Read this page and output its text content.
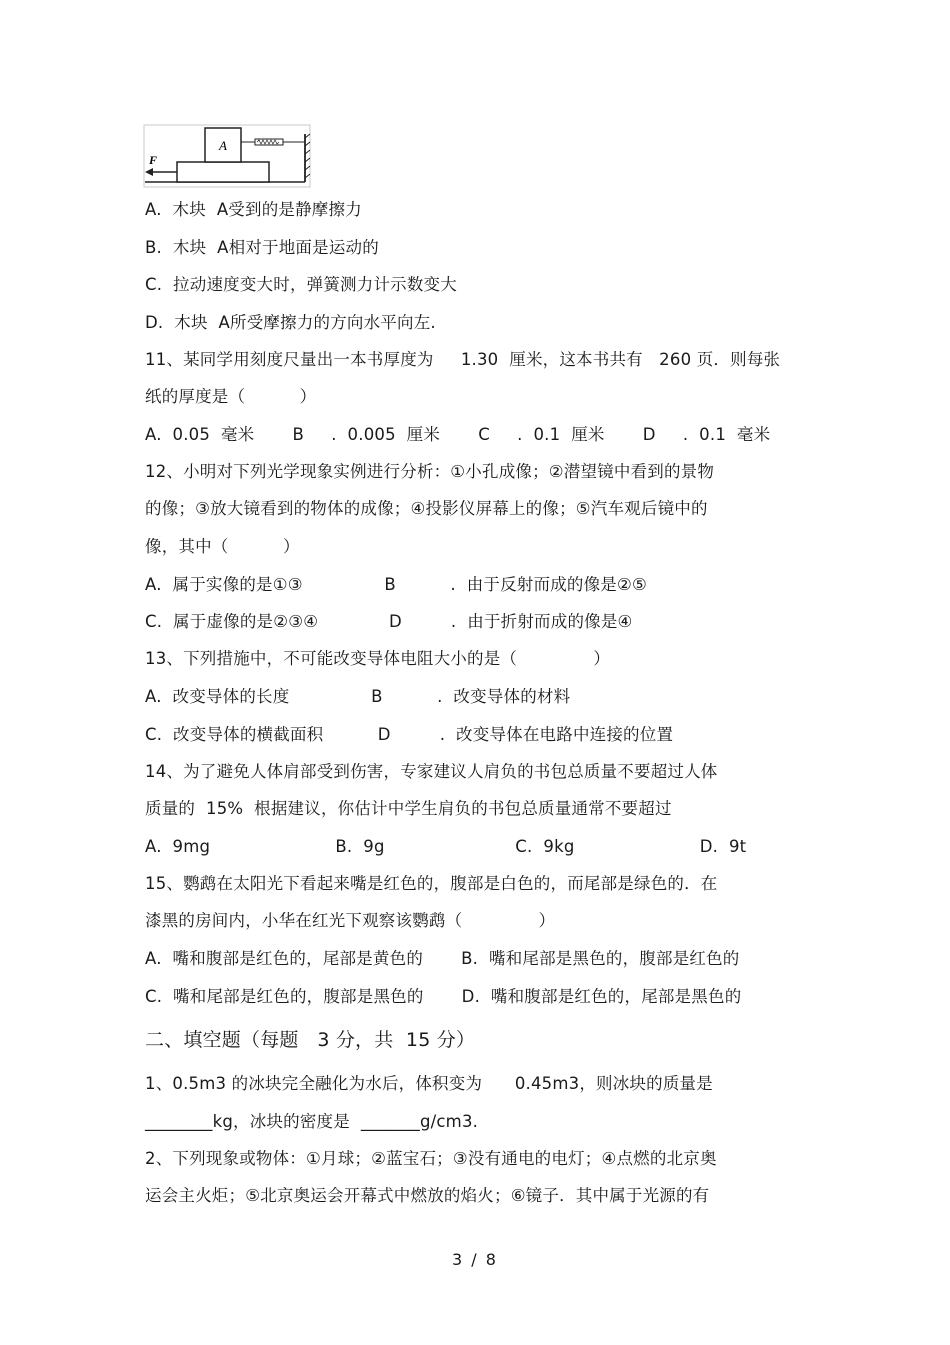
A
F
A.  木块  A受到的是静摩擦力
B.  木块  A相对于地面是运动的
C.  拉动速度变大时，弹簧测力计示数变大
D.  木块  A所受摩擦力的方向水平向左.
11、某同学用刻度尺量出一本书厚度为     1.30  厘米，这本书共有   260 页．则每张
纸的厚度是（          ）
A.  0.05  毫米       B     .  0.005  厘米       C     .  0.1  厘米       D     .  0.1  毫米
12、小明对下列光学现象实例进行分析：①小孔成像；②潜望镜中看到的景物
的像；③放大镜看到的物体的成像；④投影仪屏幕上的像；⑤汽车观后镜中的
像，其中（          ）
A.  属于实像的是①③               B          .  由于反射而成的像是②⑤
C.  属于虚像的是②③④             D         .  由于折射而成的像是④
13、下列措施中，不可能改变导体电阻大小的是（              ）
A.  改变导体的长度               B          .  改变导体的材料
C.  改变导体的横截面积          D         .  改变导体在电路中连接的位置
14、为了避免人体肩部受到伤害，专家建议人肩负的书包总质量不要超过人体
质量的  15%  根据建议，你估计中学生肩负的书包总质量通常不要超过
A.  9mg                       B.  9g                        C.  9kg                       D.  9t
15、鹦鹉在太阳光下看起来嘴是红色的，腹部是白色的，而尾部是绿色的．在
漆黑的房间内，小华在红光下观察该鹦鹉（              ）
A.  嘴和腹部是红色的，尾部是黄色的       B.  嘴和尾部是黑色的，腹部是红色的
C.  嘴和尾部是红色的，腹部是黑色的       D.  嘴和腹部是红色的，尾部是黑色的
二、填空题（每题   3 分，共  15 分）
1、0.5m3 的冰块完全融化为水后，体积变为      0.45m3，则冰块的质量是
________kg，冰块的密度是  _______g/cm3.
2、下列现象或物体：①月球；②蓝宝石；③没有通电的电灯；④点燃的北京奥
运会主火炬；⑤北京奥运会开幕式中燃放的焰火；⑥镜子．其中属于光源的有
3 / 8
